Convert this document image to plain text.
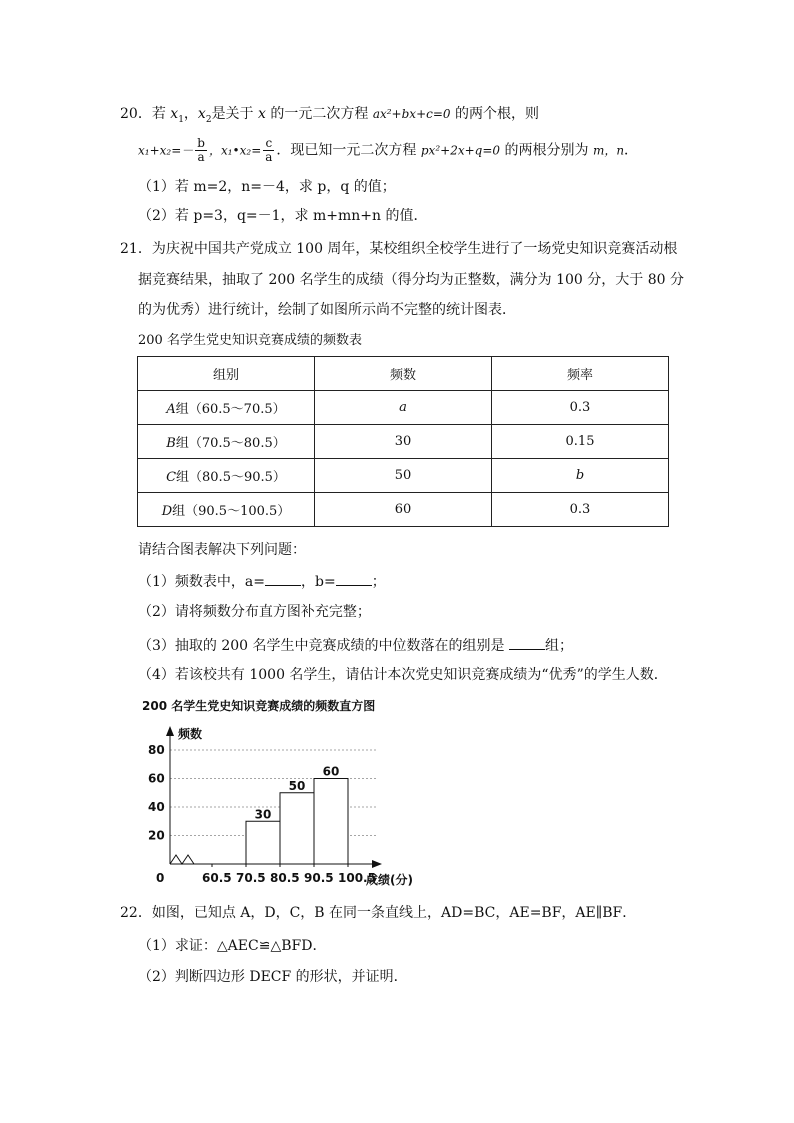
20．若 $x_1$，$x_2$是关于 x 的一元二次方程 ax²+bx+c=0 的两个根，则
$x_1+x_2=- \frac{b}{a}$ ，x₁•x₂= $\frac{c}{a}$ ．现已知一元二次方程 px²+2x+q=0 的两根分别为 m，n．
（1）若 m=2，n=－4，求 p，q 的值；
（2）若 p=3，q=－1，求 m+mn+n 的值．
21．为庆祝中国共产党成立 100 周年，某校组织全校学生进行了一场党史知识竞赛活动根
据竞赛结果，抽取了 200 名学生的成绩（得分均为正整数，满分为 100 分，大于 80 分
的为优秀）进行统计，绘制了如图所示尚不完整的统计图表．
200 名学生党史知识竞赛成绩的频数表
组别	频数	频率
A组（60.5～70.5）	a	0.3
B组（70.5～80.5）	30	0.15
C组（80.5～90.5）	50	b
D组（90.5～100.5）	60	0.3
请结合图表解决下列问题：
（1）频数表中，a=	，b=	；
（2）请将频数分布直方图补充完整；
（3）抽取的 200 名学生中竞赛成绩的中位数落在的组别是	组；
（4）若该校共有 1000 名学生，请估计本次党史知识竞赛成绩为“优秀”的学生人数．
200 名学生党史知识竞赛成绩的频数直方图
20
40
60
80
频数
成绩(分)
0	60.5 70.5 80.5 90.5 100.5
30
50
60
22．如图，已知点 A，D，C，B 在同一条直线上，AD=BC，AE=BF，AE∥BF．
（1）求证：△AEC≌△BFD．
（2）判断四边形 DECF 的形状，并证明．
